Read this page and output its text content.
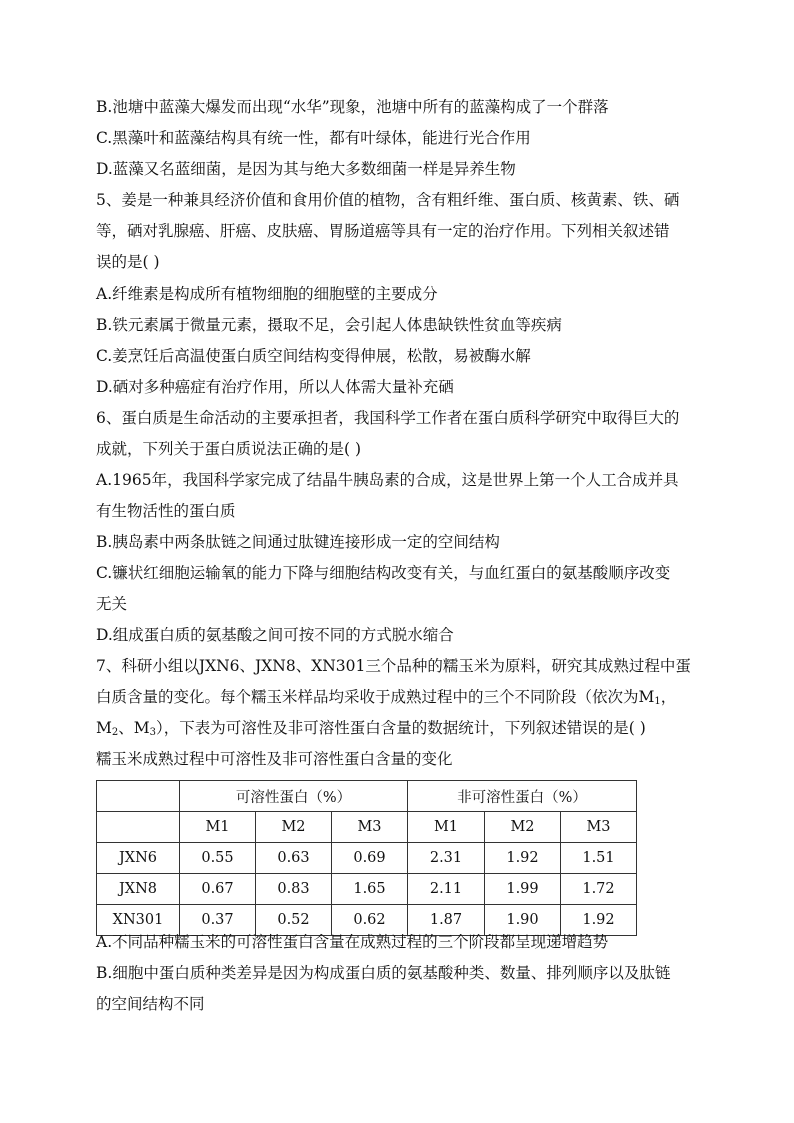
B.池塘中蓝藻大爆发而出现“水华”现象，池塘中所有的蓝藻构成了一个群落

C.黑藻叶和蓝藻结构具有统一性，都有叶绿体，能进行光合作用

D.蓝藻又名蓝细菌，是因为其与绝大多数细菌一样是异养生物

5、姜是一种兼具经济价值和食用价值的植物，含有粗纤维、蛋白质、核黄素、铁、硒

等，硒对乳腺癌、肝癌、皮肤癌、胃肠道癌等具有一定的治疗作用。下列相关叙述错

误的是( )

A.纤维素是构成所有植物细胞的细胞壁的主要成分

B.铁元素属于微量元素，摄取不足，会引起人体患缺铁性贫血等疾病

C.姜烹饪后高温使蛋白质空间结构变得伸展，松散，易被酶水解

D.硒对多种癌症有治疗作用，所以人体需大量补充硒

6、蛋白质是生命活动的主要承担者，我国科学工作者在蛋白质科学研究中取得巨大的

成就，下列关于蛋白质说法正确的是( )

A.1965年，我国科学家完成了结晶牛胰岛素的合成，这是世界上第一个人工合成并具

有生物活性的蛋白质

B.胰岛素中两条肽链之间通过肽键连接形成一定的空间结构

C.镰状红细胞运输氧的能力下降与细胞结构改变有关，与血红蛋白的氨基酸顺序改变

无关

D.组成蛋白质的氨基酸之间可按不同的方式脱水缩合

7、科研小组以JXN6、JXN8、XN301三个品种的糯玉米为原料，研究其成熟过程中蛋

白质含量的变化。每个糯玉米样品均采收于成熟过程中的三个不同阶段（依次为$M_1$，

$M_2$、$M_3$），下表为可溶性及非可溶性蛋白含量的数据统计，下列叙述错误的是( )

糯玉米成熟过程中可溶性及非可溶性蛋白含量的变化
	可溶性蛋白（%）			非可溶性蛋白（%）		
	M1	M2	M3	M1	M2	M3
JXN6	0.55	0.63	0.69	2.31	1.92	1.51
JXN8	0.67	0.83	1.65	2.11	1.99	1.72
XN301	0.37	0.52	0.62	1.87	1.90	1.92

A.不同品种糯玉米的可溶性蛋白含量在成熟过程的三个阶段都呈现递增趋势

B.细胞中蛋白质种类差异是因为构成蛋白质的氨基酸种类、数量、排列顺序以及肽链

的空间结构不同
